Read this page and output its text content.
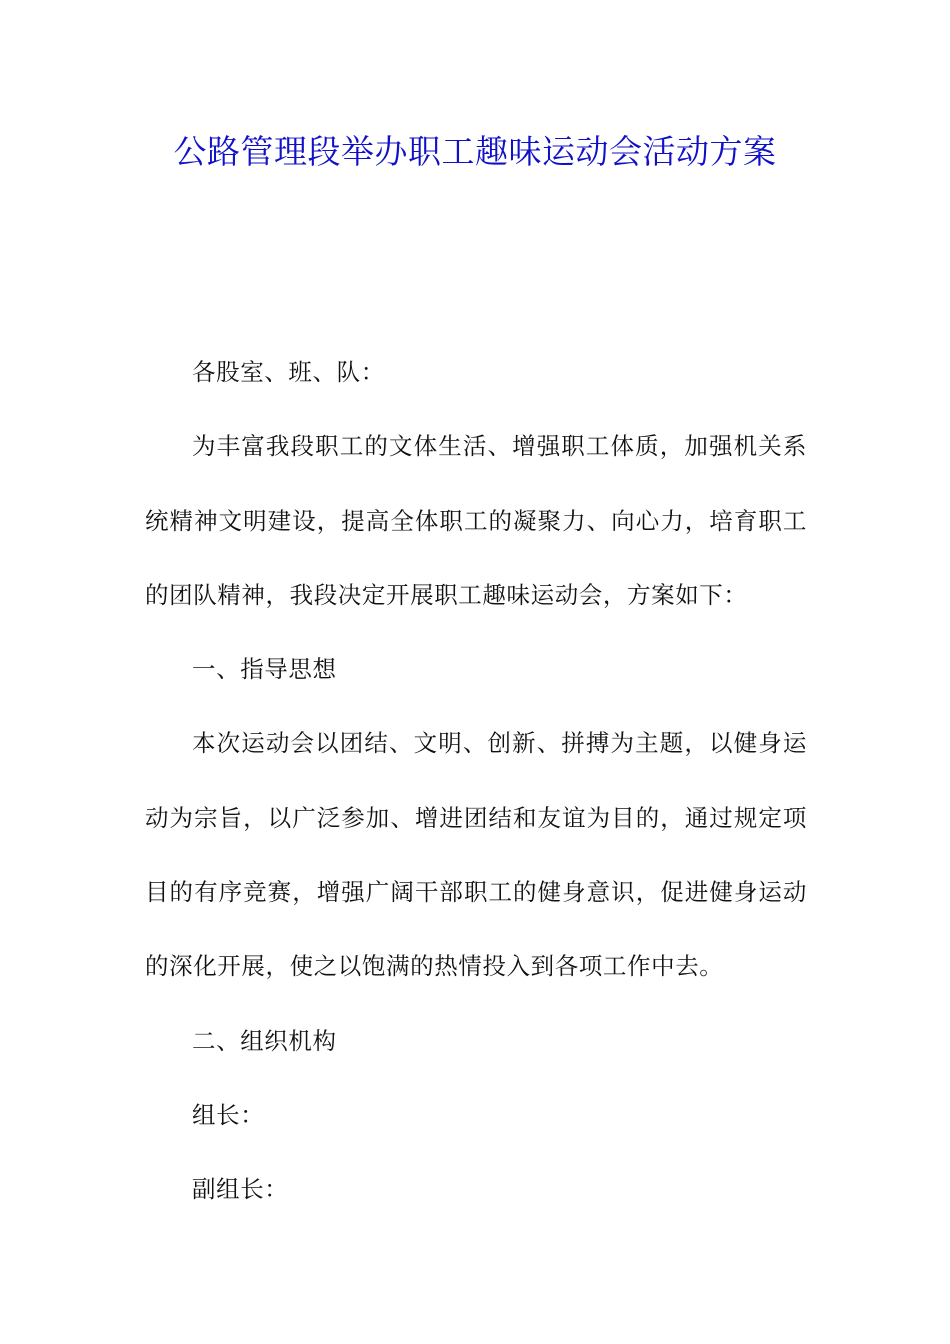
公路管理段举办职工趣味运动会活动方案

各股室、班、队：

为丰富我段职工的文体生活、增强职工体质，加强机关系统精神文明建设，提高全体职工的凝聚力、向心力，培育职工的团队精神，我段决定开展职工趣味运动会，方案如下：

一、指导思想

本次运动会以团结、文明、创新、拼搏为主题，以健身运动为宗旨，以广泛参加、增进团结和友谊为目的，通过规定项目的有序竞赛，增强广阔干部职工的健身意识，促进健身运动的深化开展，使之以饱满的热情投入到各项工作中去。

二、组织机构

组长：

副组长：
